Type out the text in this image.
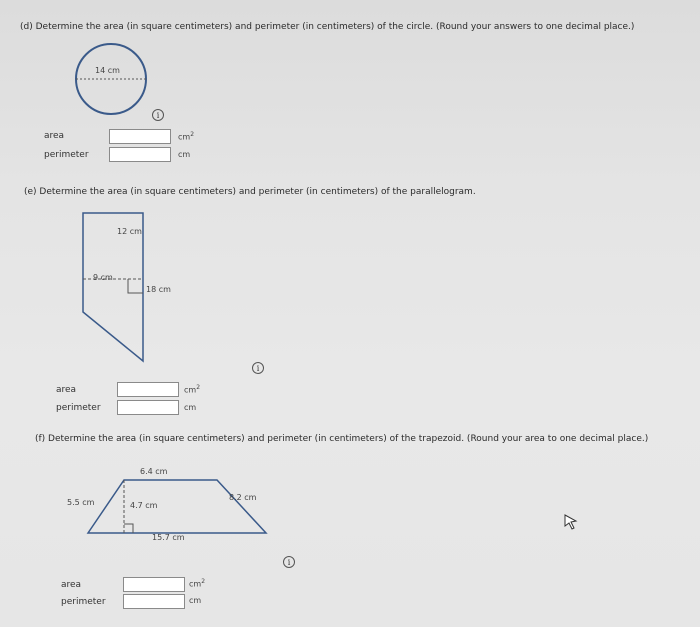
(d) Determine the area (in square centimeters) and perimeter (in centimeters) of the circle. (Round your answers to one decimal place.)
14 cm
i
area	$cm^2$
perimeter	cm
(e) Determine the area (in square centimeters) and perimeter (in centimeters) of the parallelogram.
12 cm
9 cm
18 cm
i
area	$cm^2$
perimeter	cm
(f) Determine the area (in square centimeters) and perimeter (in centimeters) of the trapezoid. (Round your area to one decimal place.)
6.4 cm
5.5 cm	4.7 cm
8.2 cm
15.7 cm
i
area	$cm^2$
perimeter	cm
